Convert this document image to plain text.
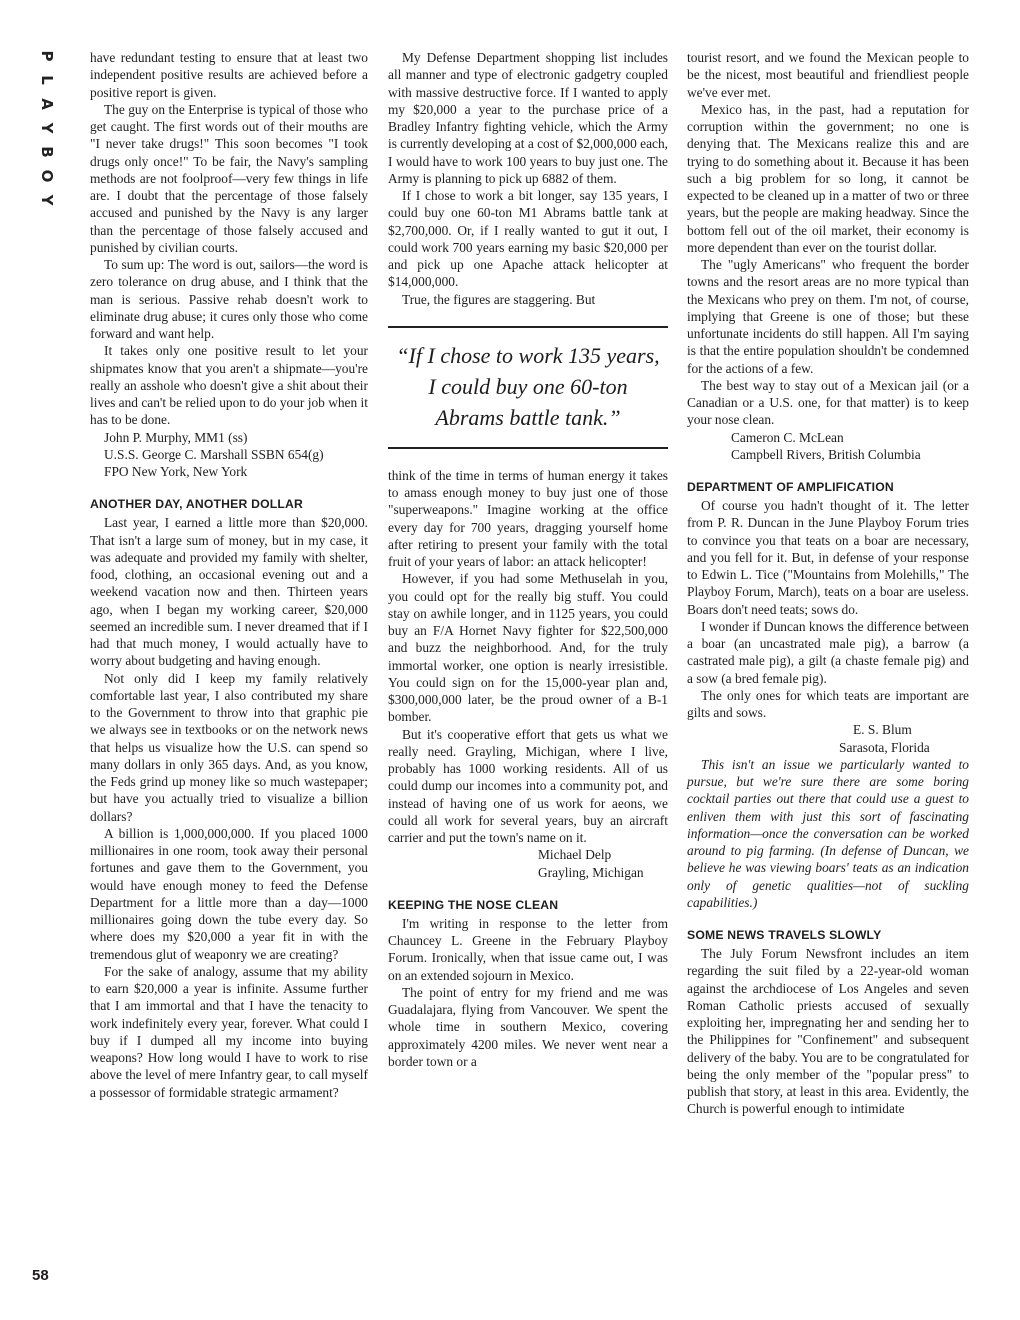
P
L
A
Y
B
O
Y
58

have redundant testing to ensure that at least two independent positive results are achieved before a positive report is given.

The guy on the Enterprise is typical of those who get caught. The first words out of their mouths are "I never take drugs!" This soon becomes "I took drugs only once!" To be fair, the Navy's sampling methods are not foolproof—very few things in life are. I doubt that the percentage of those falsely accused and punished by the Navy is any larger than the percentage of those falsely accused and punished by civilian courts.

To sum up: The word is out, sailors—the word is zero tolerance on drug abuse, and I think that the man is serious. Passive rehab doesn't work to eliminate drug abuse; it cures only those who come forward and want help.

It takes only one positive result to let your shipmates know that you aren't a shipmate—you're really an asshole who doesn't give a shit about their lives and can't be relied upon to do your job when it has to be done.

John P. Murphy, MM1 (ss)

U.S.S. George C. Marshall SSBN 654(g)

FPO New York, New York

ANOTHER DAY, ANOTHER DOLLAR

Last year, I earned a little more than $20,000. That isn't a large sum of money, but in my case, it was adequate and provided my family with shelter, food, clothing, an occasional evening out and a weekend vacation now and then. Thirteen years ago, when I began my working career, $20,000 seemed an incredible sum. I never dreamed that if I had that much money, I would actually have to worry about budgeting and having enough.

Not only did I keep my family relatively comfortable last year, I also contributed my share to the Government to throw into that graphic pie we always see in textbooks or on the network news that helps us visualize how the U.S. can spend so many dollars in only 365 days. And, as you know, the Feds grind up money like so much wastepaper; but have you actually tried to visualize a billion dollars?

A billion is 1,000,000,000. If you placed 1000 millionaires in one room, took away their personal fortunes and gave them to the Government, you would have enough money to feed the Defense Department for a little more than a day—1000 millionaires going down the tube every day. So where does my $20,000 a year fit in with the tremendous glut of weaponry we are creating?

For the sake of analogy, assume that my ability to earn $20,000 a year is infinite. Assume further that I am immortal and that I have the tenacity to work indefinitely every year, forever. What could I buy if I dumped all my income into buying weapons? How long would I have to work to rise above the level of mere Infantry gear, to call myself a possessor of formidable strategic armament?

My Defense Department shopping list includes all manner and type of electronic gadgetry coupled with massive destructive force. If I wanted to apply my $20,000 a year to the purchase price of a Bradley Infantry fighting vehicle, which the Army is currently developing at a cost of $2,000,000 each, I would have to work 100 years to buy just one. The Army is planning to pick up 6882 of them.

If I chose to work a bit longer, say 135 years, I could buy one 60-ton M1 Abrams battle tank at $2,700,000. Or, if I really wanted to gut it out, I could work 700 years earning my basic $20,000 per and pick up one Apache attack helicopter at $14,000,000.

True, the figures are staggering. But

“If I chose to work 135 years, I could buy one 60-ton Abrams battle tank.”

think of the time in terms of human energy it takes to amass enough money to buy just one of those "superweapons." Imagine working at the office every day for 700 years, dragging yourself home after retiring to present your family with the total fruit of your years of labor: an attack helicopter!

However, if you had some Methuselah in you, you could opt for the really big stuff. You could stay on awhile longer, and in 1125 years, you could buy an F/A Hornet Navy fighter for $22,500,000 and buzz the neighborhood. And, for the truly immortal worker, one option is nearly irresistible. You could sign on for the 15,000-year plan and, $300,000,000 later, be the proud owner of a B-1 bomber.

But it's cooperative effort that gets us what we really need. Grayling, Michigan, where I live, probably has 1000 working residents. All of us could dump our incomes into a community pot, and instead of having one of us work for aeons, we could all work for several years, buy an aircraft carrier and put the town's name on it.

Michael Delp

Grayling, Michigan

KEEPING THE NOSE CLEAN

I'm writing in response to the letter from Chauncey L. Greene in the February Playboy Forum. Ironically, when that issue came out, I was on an extended sojourn in Mexico.

The point of entry for my friend and me was Guadalajara, flying from Vancouver. We spent the whole time in southern Mexico, covering approximately 4200 miles. We never went near a border town or a

tourist resort, and we found the Mexican people to be the nicest, most beautiful and friendliest people we've ever met.

Mexico has, in the past, had a reputation for corruption within the government; no one is denying that. The Mexicans realize this and are trying to do something about it. Because it has been such a big problem for so long, it cannot be expected to be cleaned up in a matter of two or three years, but the people are making headway. Since the bottom fell out of the oil market, their economy is more dependent than ever on the tourist dollar.

The "ugly Americans" who frequent the border towns and the resort areas are no more typical than the Mexicans who prey on them. I'm not, of course, implying that Greene is one of those; but these unfortunate incidents do still happen. All I'm saying is that the entire population shouldn't be condemned for the actions of a few.

The best way to stay out of a Mexican jail (or a Canadian or a U.S. one, for that matter) is to keep your nose clean.

Cameron C. McLean

Campbell Rivers, British Columbia

DEPARTMENT OF AMPLIFICATION

Of course you hadn't thought of it. The letter from P. R. Duncan in the June Playboy Forum tries to convince you that teats on a boar are necessary, and you fell for it. But, in defense of your response to Edwin L. Tice ("Mountains from Molehills," The Playboy Forum, March), teats on a boar are useless. Boars don't need teats; sows do.

I wonder if Duncan knows the difference between a boar (an uncastrated male pig), a barrow (a castrated male pig), a gilt (a chaste female pig) and a sow (a bred female pig).

The only ones for which teats are important are gilts and sows.

E. S. Blum

Sarasota, Florida

This isn't an issue we particularly wanted to pursue, but we're sure there are some boring cocktail parties out there that could use a guest to enliven them with just this sort of fascinating information—once the conversation can be worked around to pig farming. (In defense of Duncan, we believe he was viewing boars' teats as an indication only of genetic qualities—not of suckling capabilities.)

SOME NEWS TRAVELS SLOWLY

The July Forum Newsfront includes an item regarding the suit filed by a 22-year-old woman against the archdiocese of Los Angeles and seven Roman Catholic priests accused of sexually exploiting her, impregnating her and sending her to the Philippines for "Confinement" and subsequent delivery of the baby. You are to be congratulated for being the only member of the "popular press" to publish that story, at least in this area. Evidently, the Church is powerful enough to intimidate
